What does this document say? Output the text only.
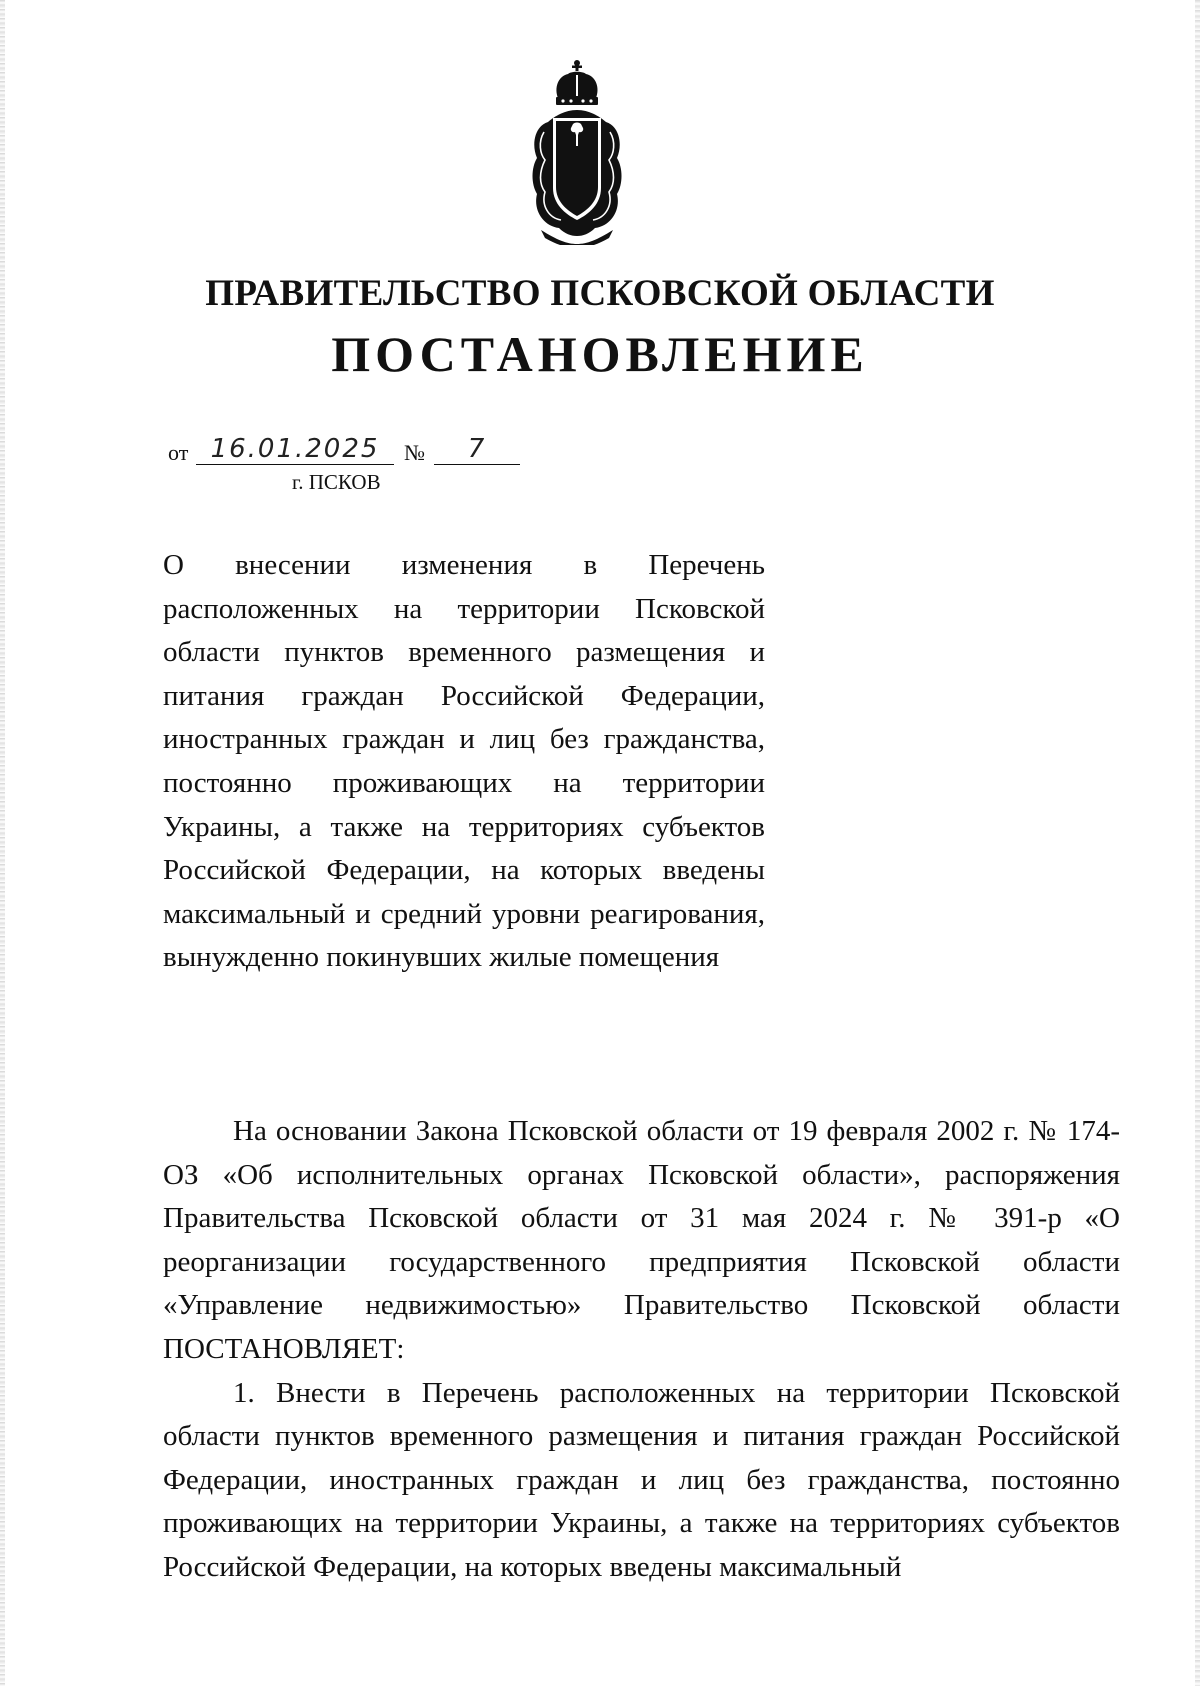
ПРАВИТЕЛЬСТВО ПСКОВСКОЙ ОБЛАСТИ
ПОСТАНОВЛЕНИЕ
от 16.01.2025	№	7
г. ПСКОВ

О внесении изменения в Перечень расположенных на территории Псковской области пунктов временного размещения и питания граждан Российской Федерации, иностранных граждан и лиц без гражданства, постоянно проживающих на территории Украины, а также на территориях субъектов Российской Федерации, на которых введены максимальный и средний уровни реагирования, вынужденно покинувших жилые помещения

На основании Закона Псковской области от 19 февраля 2002 г. № 174-ОЗ «Об исполнительных органах Псковской области», распоряжения Правительства Псковской области от 31 мая 2024 г. № 391-р «О реорганизации государственного предприятия Псковской области «Управление недвижимостью» Правительство Псковской области ПОСТАНОВЛЯЕТ:

1. Внести в Перечень расположенных на территории Псковской области пунктов временного размещения и питания граждан Российской Федерации, иностранных граждан и лиц без гражданства, постоянно проживающих на территории Украины, а также на территориях субъектов Российской Федерации, на которых введены максимальный
